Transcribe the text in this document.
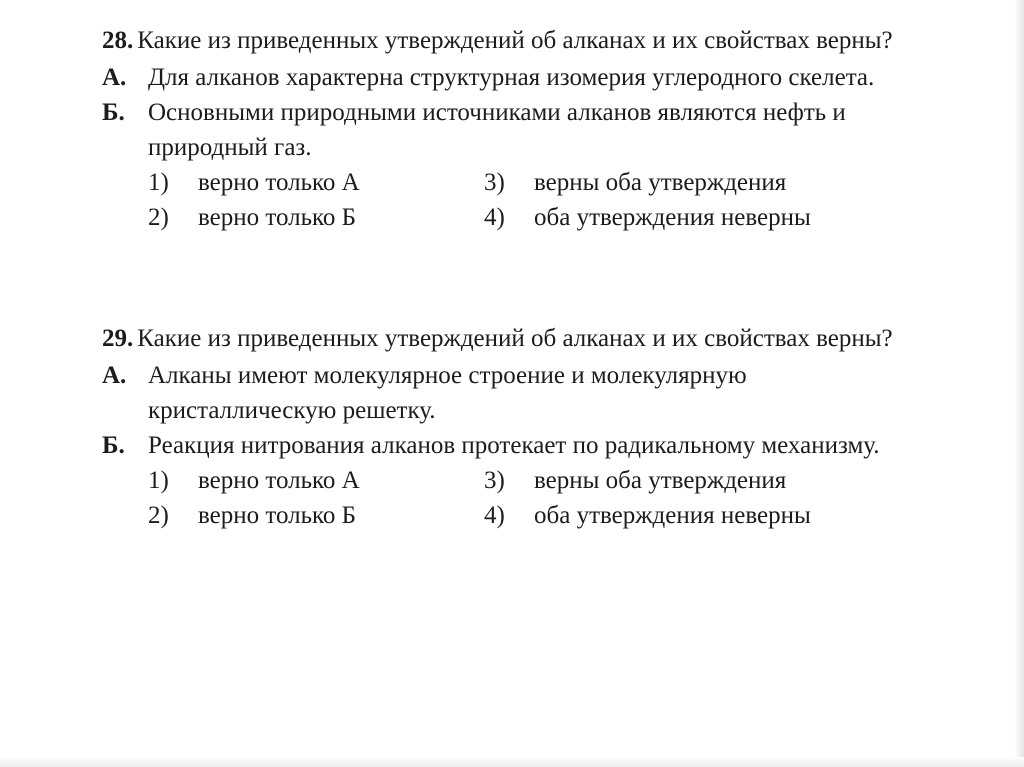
28. Какие из приведенных утверждений об алканах и их свойствах верны?
А. Для алканов характерна структурная изомерия углеродного скелета.
Б. Основными природными источниками алканов являются нефть и природный газ.
1) верно только А	3) верны оба утверждения
2) верно только Б	4) оба утверждения неверны
29. Какие из приведенных утверждений об алканах и их свойствах верны?
А. Алканы имеют молекулярное строение и молекулярную кристаллическую решетку.
Б. Реакция нитрования алканов протекает по радикальному механизму.
1) верно только А	3) верны оба утверждения
2) верно только Б	4) оба утверждения неверны
